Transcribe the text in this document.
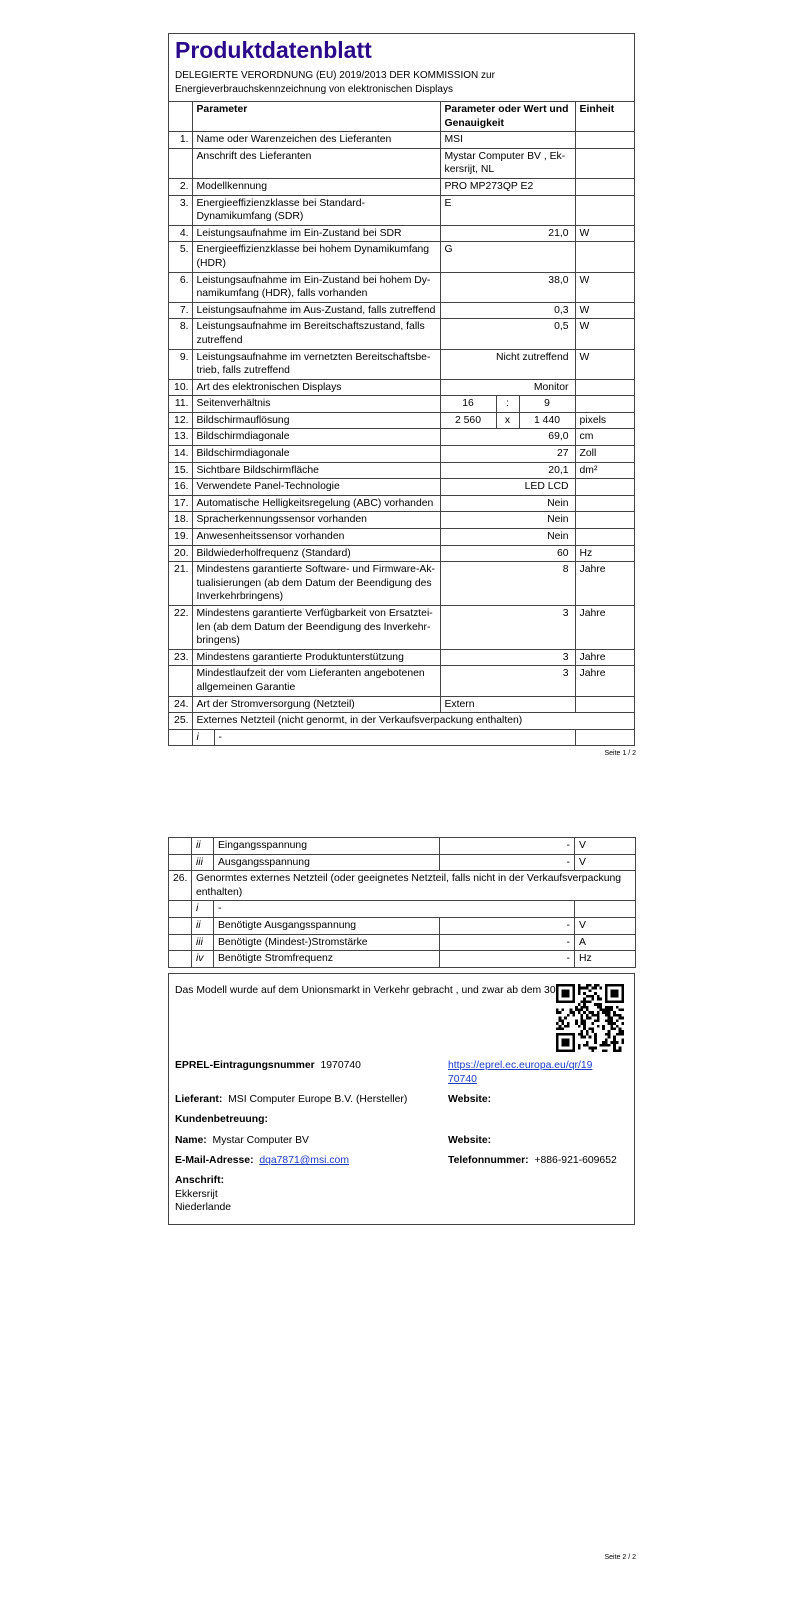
Produktdatenblatt
DELEGIERTE VERORDNUNG (EU) 2019/2013 DER KOMMISSION zur
Energieverbrauchskennzeichnung von elektronischen Displays
	Parameter		Parameter oder Wert und Genauigkeit			Einheit
1.	Name oder Warenzeichen des Lieferanten		MSI			
	Anschrift des Lieferanten		Mystar Computer BV , Ek-kersrijt, NL			
2.	Modellkennung		PRO MP273QP E2			
3.	Energieeffizienzklasse bei Standard-Dynamikumfang (SDR)		E			
4.	Leistungsaufnahme im Ein-Zustand bei SDR		21,0			W
5.	Energieeffizienzklasse bei hohem Dynamikumfang (HDR)		G			
6.	Leistungsaufnahme im Ein-Zustand bei hohem Dy-namikumfang (HDR), falls vorhanden		38,0			W
7.	Leistungsaufnahme im Aus-Zustand, falls zutreffend		0,3			W
8.	Leistungsaufnahme im Bereitschaftszustand, falls zutreffend		0,5			W
9.	Leistungsaufnahme im vernetzten Bereitschaftsbe-trieb, falls zutreffend		Nicht zutreffend			W
10.	Art des elektronischen Displays		Monitor			
11.	Seitenverhältnis		16	:	9	
12.	Bildschirmauflösung		2 560	x	1 440	pixels
13.	Bildschirmdiagonale		69,0			cm
14.	Bildschirmdiagonale		27			Zoll
15.	Sichtbare Bildschirmfläche		20,1			dm²
16.	Verwendete Panel-Technologie		LED LCD			
17.	Automatische Helligkeitsregelung (ABC) vorhanden		Nein			
18.	Spracherkennungssensor vorhanden		Nein			
19.	Anwesenheitssensor vorhanden		Nein			
20.	Bildwiederholfrequenz (Standard)		60			Hz
21.	Mindestens garantierte Software- und Firmware-Ak-tualisierungen (ab dem Datum der Beendigung des Inverkehrbringens)		8			Jahre
22.	Mindestens garantierte Verfügbarkeit von Ersatztei-len (ab dem Datum der Beendigung des Inverkehr-bringens)		3			Jahre
23.	Mindestens garantierte Produktunterstützung		3			Jahre
	Mindestlaufzeit der vom Lieferanten angebotenen allgemeinen Garantie		3			Jahre
24.	Art der Stromversorgung (Netzteil)		Extern			
25.	Externes Netzteil (nicht genormt, in der Verkaufsverpackung enthalten)					
	i	-				
Seite 1 / 2
	ii	Eingangsspannung	-	V
	iii	Ausgangsspannung	-	V
26.	Genormtes externes Netzteil (oder geeignetes Netzteil, falls nicht in der Verkaufsverpackung enthalten)			
	i	-		
	ii	Benötigte Ausgangsspannung	-	V
	iii	Benötigte (Mindest-)Stromstärke	-	A
	iv	Benötigte Stromfrequenz	-	Hz
Das Modell wurde auf dem Unionsmarkt in Verkehr gebracht , und zwar ab dem 30
EPREL-Eintragungsnummer 1970740	https://eprel.ec.europa.eu/qr/19
70740
Lieferant: MSI Computer Europe B.V. (Hersteller)	Website:
Kundenbetreuung:
Name: Mystar Computer BV	Website:
E-Mail-Adresse: dqa7871@msi.com	Telefonnummer: +886-921-609652
Anschrift:
Ekkersrijt
Niederlande
Seite 2 / 2
